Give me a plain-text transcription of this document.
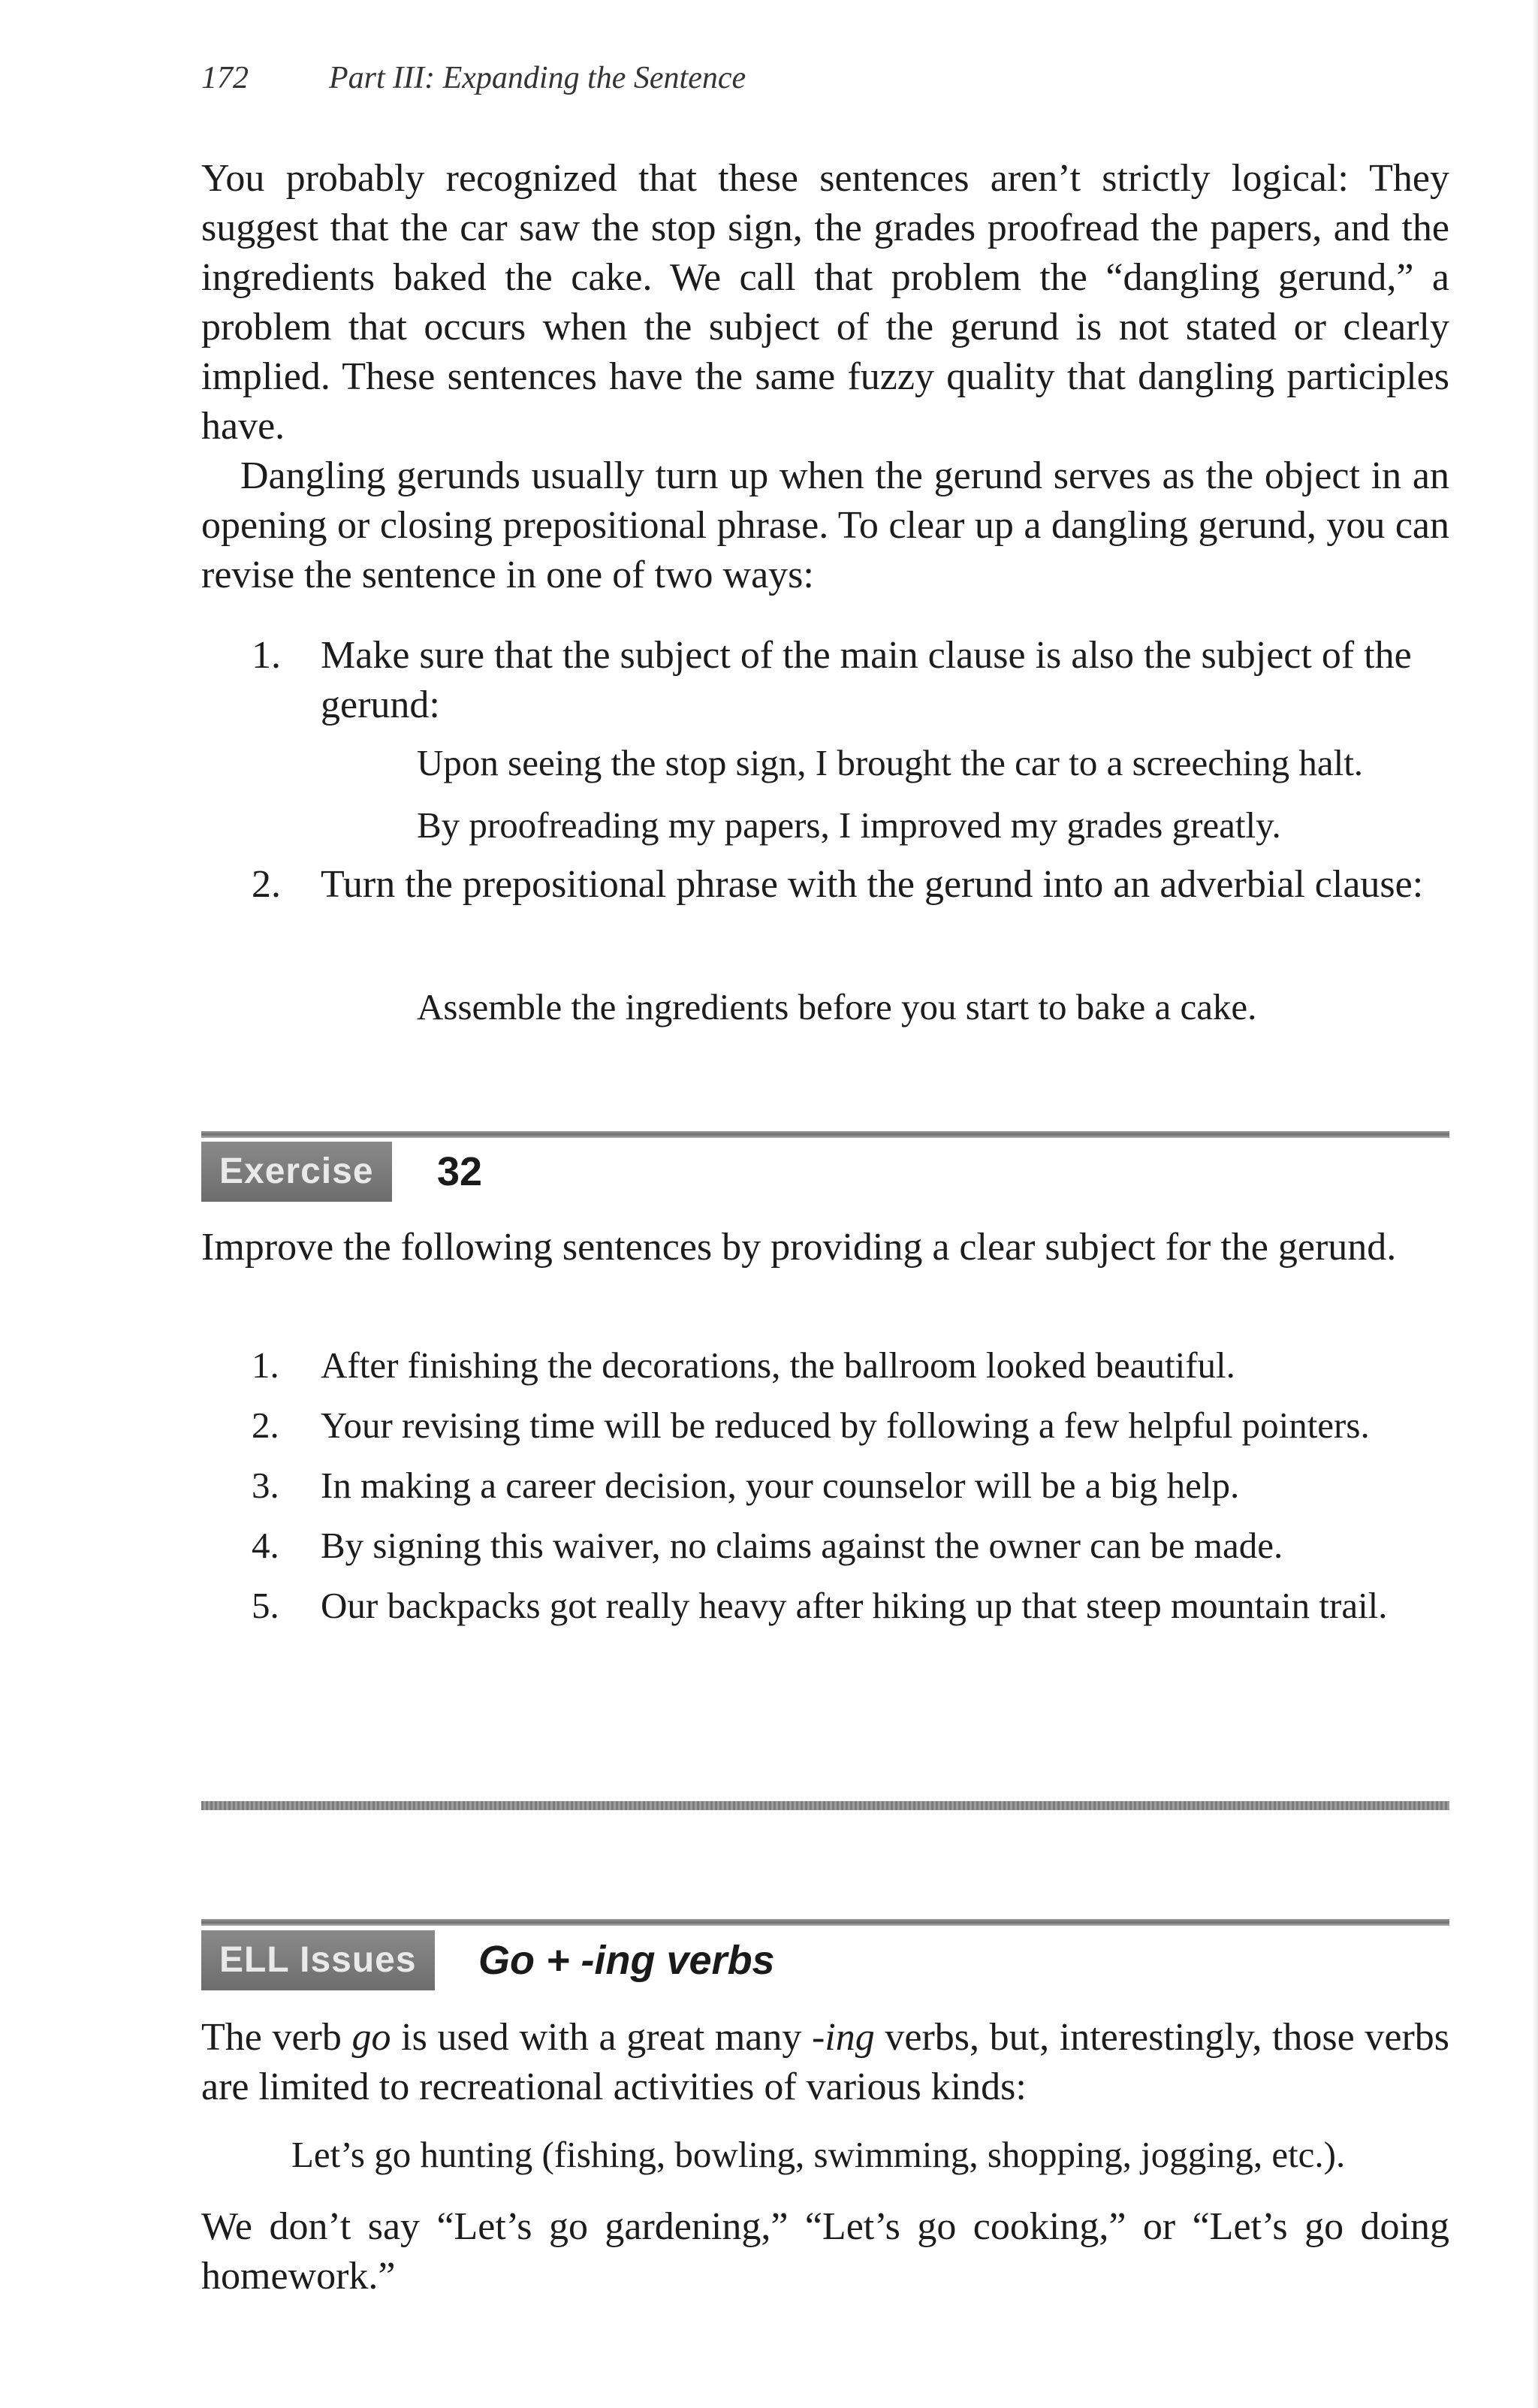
172	Part III: Expanding the Sentence

You probably recognized that these sentences aren’t strictly logical: They suggest that the car saw the stop sign, the grades proofread the papers, and the ingredients baked the cake. We call that problem the “dangling gerund,” a problem that occurs when the subject of the gerund is not stated or clearly implied. These sentences have the same fuzzy quality that dangling participles have.

Dangling gerunds usually turn up when the gerund serves as the object in an opening or closing prepositional phrase. To clear up a dangling gerund, you can revise the sentence in one of two ways:

1. Make sure that the subject of the main clause is also the subject of the gerund:
Upon seeing the stop sign, I brought the car to a screeching halt.
By proofreading my papers, I improved my grades greatly.
2. Turn the prepositional phrase with the gerund into an adverbial clause:
Assemble the ingredients before you start to bake a cake.
Exercise	32

Improve the following sentences by providing a clear subject for the gerund.

1. After finishing the decorations, the ballroom looked beautiful.
2. Your revising time will be reduced by following a few helpful pointers.
3. In making a career decision, your counselor will be a big help.
4. By signing this waiver, no claims against the owner can be made.
5. Our backpacks got really heavy after hiking up that steep mountain trail.
ELL Issues	Go + -ing verbs

The verb go is used with a great many -ing verbs, but, interestingly, those verbs are limited to recreational activities of various kinds:

Let’s go hunting (fishing, bowling, swimming, shopping, jogging, etc.).

We don’t say “Let’s go gardening,” “Let’s go cooking,” or “Let’s go doing homework.”
